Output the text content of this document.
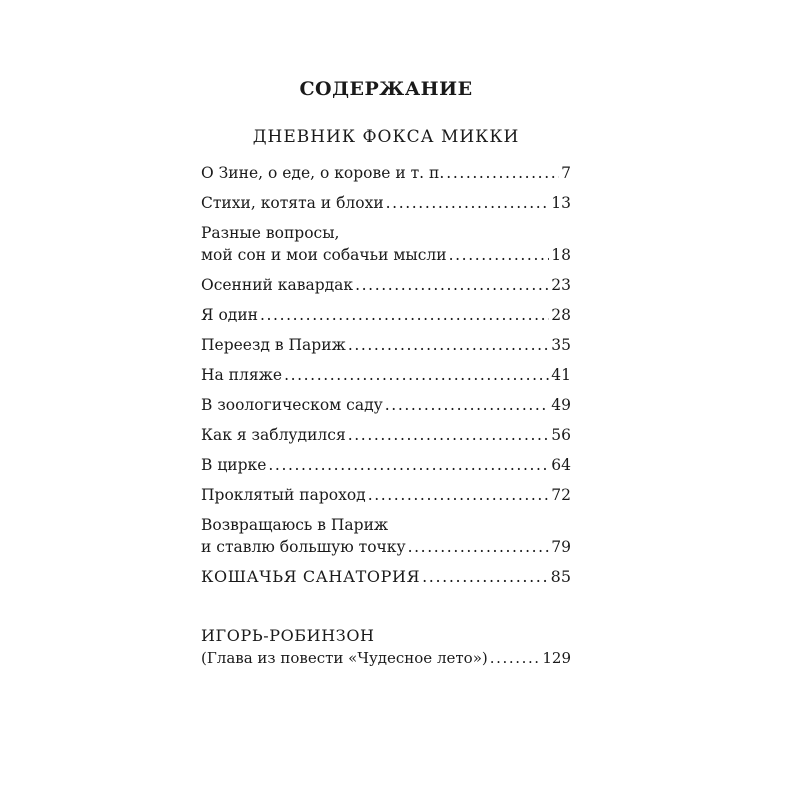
СОДЕРЖАНИЕ
ДНЕВНИК ФОКСА МИККИ
О Зине, о еде, о корове и т. п. .....	7
Стихи, котята и блохи .....	13
Разные вопросы,
мой сон и мои собачьи мысли .....	18
Осенний кавардак .....	23
Я один .....	28
Переезд в Париж .....	35
На пляже .....	41
В зоологическом саду .....	49
Как я заблудился .....	56
В цирке .....	64
Проклятый пароход .....	72
Возвращаюсь в Париж
и ставлю большую точку .....	79
КОШАЧЬЯ САНАТОРИЯ .....	85
ИГОРЬ-РОБИНЗОН
(Глава из повести «Чудесное лето») .....	129
